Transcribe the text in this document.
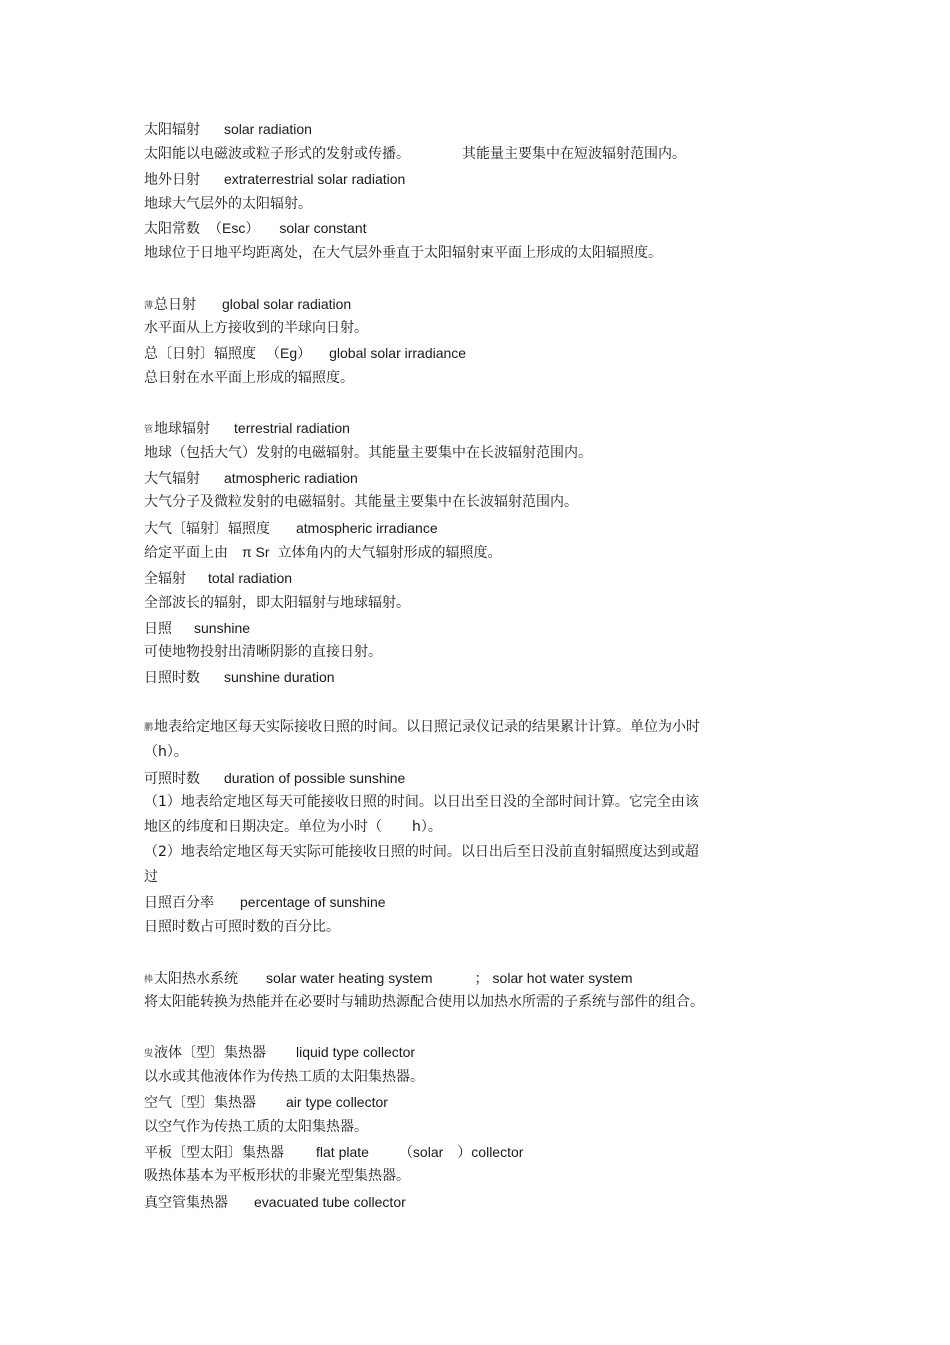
太阳辐射 solar radiation
太阳能以电磁波或粒子形式的发射或传播。	其能量主要集中在短波辐射范围内。
地外日射 extraterrestrial solar radiation
地球大气层外的太阳辐射。
太阳常数 （Esc） solar constant
地球位于日地平均距离处，在大气层外垂直于太阳辐射束平面上形成的太阳辐照度。
薄总日射 global solar radiation
水平面从上方接收到的半球向日射。
总〔日射〕辐照度 （Eg） global solar irradiance
总日射在水平面上形成的辐照度。
管地球辐射 terrestrial radiation
地球（包括大气）发射的电磁辐射。其能量主要集中在长波辐射范围内。
大气辐射 atmospheric radiation
大气分子及微粒发射的电磁辐射。其能量主要集中在长波辐射范围内。
大气〔辐射〕辐照度 atmospheric irradiance
给定平面上由 π Sr 立体角内的大气辐射形成的辐照度。
全辐射 total radiation
全部波长的辐射，即太阳辐射与地球辐射。
日照 sunshine
可使地物投射出清晰阴影的直接日射。
日照时数 sunshine duration
鹏地表给定地区每天实际接收日照的时间。以日照记录仪记录的结果累计计算。单位为小时
（h）。
可照时数 duration of possible sunshine
（1）地表给定地区每天可能接收日照的时间。以日出至日没的全部时间计算。它完全由该
地区的纬度和日期决定。单位为小时（ h）。
（2）地表给定地区每天实际可能接收日照的时间。以日出后至日没前直射辐照度达到或超
过
日照百分率 percentage of sunshine
日照时数占可照时数的百分比。
棒太阳热水系统 solar water heating system	； solar hot water system
将太阳能转换为热能并在必要时与辅助热源配合使用以加热水所需的子系统与部件的组合。
叟液体〔型〕集热器 liquid type collector
以水或其他液体作为传热工质的太阳集热器。
空气〔型〕集热器 air type collector
以空气作为传热工质的太阳集热器。
平板〔型太阳〕集热器 flat plate （solar ）collector
吸热体基本为平板形状的非聚光型集热器。
真空管集热器 evacuated tube collector
